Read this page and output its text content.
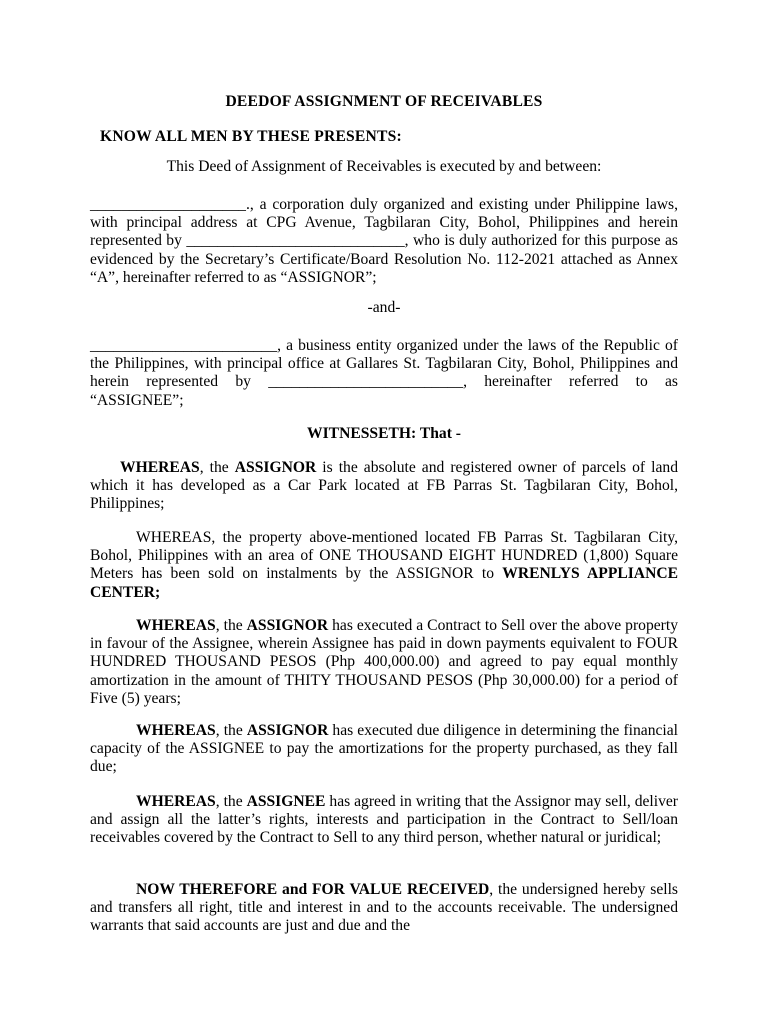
DEEDOF ASSIGNMENT OF RECEIVABLES
KNOW ALL MEN BY THESE PRESENTS:
This Deed of Assignment of Receivables is executed by and between:
____________________., a corporation duly organized and existing under Philippine laws, with principal address at CPG Avenue, Tagbilaran City, Bohol, Philippines and herein represented by ____________________________, who is duly authorized for this purpose as evidenced by the Secretary’s Certificate/Board Resolution No. 112-2021 attached as Annex “A”, hereinafter referred to as “ASSIGNOR”;
-and-
________________________, a business entity organized under the laws of the Republic of the Philippines, with principal office at Gallares St. Tagbilaran City, Bohol, Philippines and herein represented by _________________________, hereinafter referred to as “ASSIGNEE”;
WITNESSETH: That -
WHEREAS, the ASSIGNOR is the absolute and registered owner of parcels of land which it has developed as a Car Park located at FB Parras St. Tagbilaran City, Bohol, Philippines;
WHEREAS, the property above-mentioned located FB Parras St. Tagbilaran City, Bohol, Philippines with an area of ONE THOUSAND EIGHT HUNDRED (1,800) Square Meters has been sold on instalments by the ASSIGNOR to WRENLYS APPLIANCE CENTER;
WHEREAS, the ASSIGNOR has executed a Contract to Sell over the above property in favour of the Assignee, wherein Assignee has paid in down payments equivalent to FOUR HUNDRED THOUSAND PESOS (Php 400,000.00) and agreed to pay equal monthly amortization in the amount of THITY THOUSAND PESOS (Php 30,000.00) for a period of Five (5) years;
WHEREAS, the ASSIGNOR has executed due diligence in determining the financial capacity of the ASSIGNEE to pay the amortizations for the property purchased, as they fall due;
WHEREAS, the ASSIGNEE has agreed in writing that the Assignor may sell, deliver and assign all the latter’s rights, interests and participation in the Contract to Sell/loan receivables covered by the Contract to Sell to any third person, whether natural or juridical;
NOW THEREFORE and FOR VALUE RECEIVED, the undersigned hereby sells and transfers all right, title and interest in and to the accounts receivable. The undersigned warrants that said accounts are just and due and the
